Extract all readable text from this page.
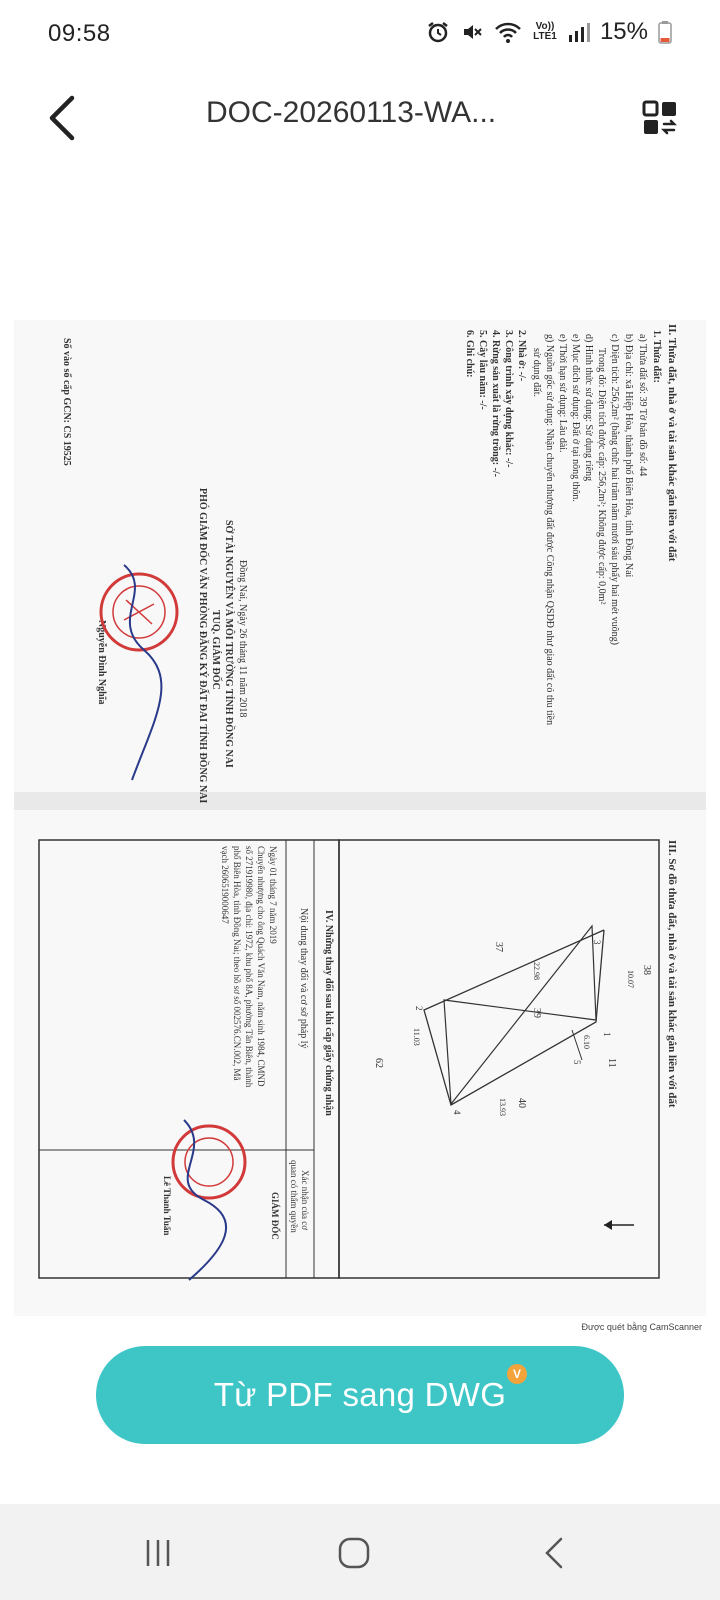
09:58	Vo)) LTE1 15%
DOC-20260113-WA...
II. Thửa đất, nhà ở và tài sản khác gắn liền với đất
1. Thửa đất:
a) Thửa đất số: 39 Tờ bản đồ số: 44
b) Địa chỉ: xã Hiệp Hòa, thành phố Biên Hòa, tỉnh Đồng Nai
c) Diện tích: 256,2m² (bằng chữ: hai trăm năm mươi sáu phẩy hai mét vuông)
Trong đó: Diện tích được cấp: 256,2m²; Không được cấp: 0,0m²
d) Hình thức sử dụng: Sử dụng riêng
e) Mục đích sử dụng: Đất ở tại nông thôn.
e) Thời hạn sử dụng: Lâu dài.
g) Nguồn gốc sử dụng: Nhận chuyển nhượng đất được Công nhận QSDĐ như giao đất có thu tiền
sử dụng đất.
2. Nhà ở: -/-
3. Công trình xây dựng khác: -/-
4. Rừng sản xuất là rừng trồng: -/-
5. Cây lâu năm: -/-
6. Ghi chú:
Đồng Nai, Ngày 26 tháng 11 năm 2018
SỞ TÀI NGUYÊN VÀ MÔI TRƯỜNG TỈNH ĐỒNG NAI
TUQ. GIÁM ĐỐC
PHÓ GIÁM ĐỐC VĂN PHÒNG ĐĂNG KÝ ĐẤT ĐAI TỈNH ĐỒNG NAI
Nguyễn Đình Nghĩa
Số vào sổ cấp GCN: CS 19525
III. Sơ đồ thửa đất, nhà ở và tài sản khác gắn liền với đất
39
38
11
40
62
37
10.07
13.93
22.98
11.03	6.10
1
2
3
4
5
IV. Những thay đổi sau khi cấp giấy chứng nhận
Nội dung thay đổi và cơ sở pháp lý
Xác nhận của cơ
quan có thẩm quyền
Ngày 01 tháng 7 năm 2019
Chuyển nhượng cho ông Quách Văn Nam, năm sinh 1984, CMND
số 271919980, địa chỉ: 1972, khu phố 8A, phường Tân Biên, thành
phố Biên Hòa, tỉnh Đồng Nai; theo hồ sơ số 002576.CN.002, Mã
vạch 2606519000647
GIÁM ĐỐC
Lê Thanh Tuấn
Được quét bằng CamScanner
Từ PDF sang DWG
V
